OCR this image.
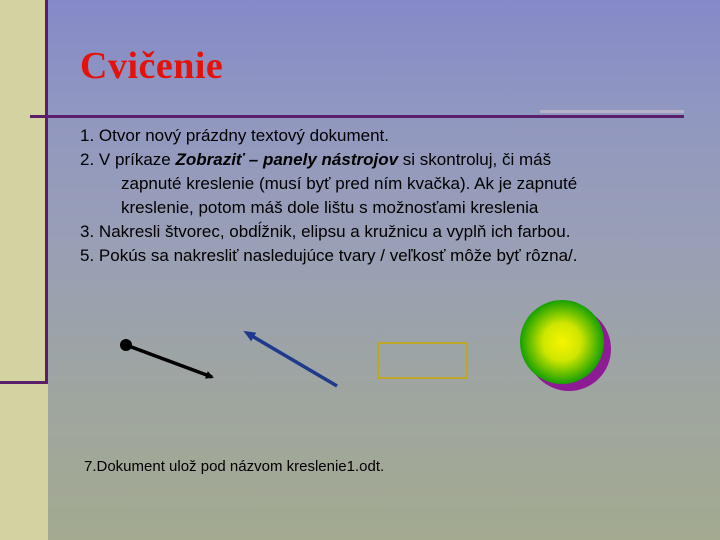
Cvičenie

1. Otvor nový prázdny textový dokument.

2. V príkaze Zobraziť – panely nástrojov si skontroluj, či máš
zapnuté kreslenie (musí byť pred ním kvačka). Ak je zapnuté
kreslenie, potom máš dole lištu s možnosťami kreslenia

3. Nakresli štvorec, obdĺžnik, elipsu a kružnicu a vyplň ich farbou.

5. Pokús sa nakresliť nasledujúce tvary / veľkosť môže byť rôzna/.

7.Dokument ulož pod názvom kreslenie1.odt.
